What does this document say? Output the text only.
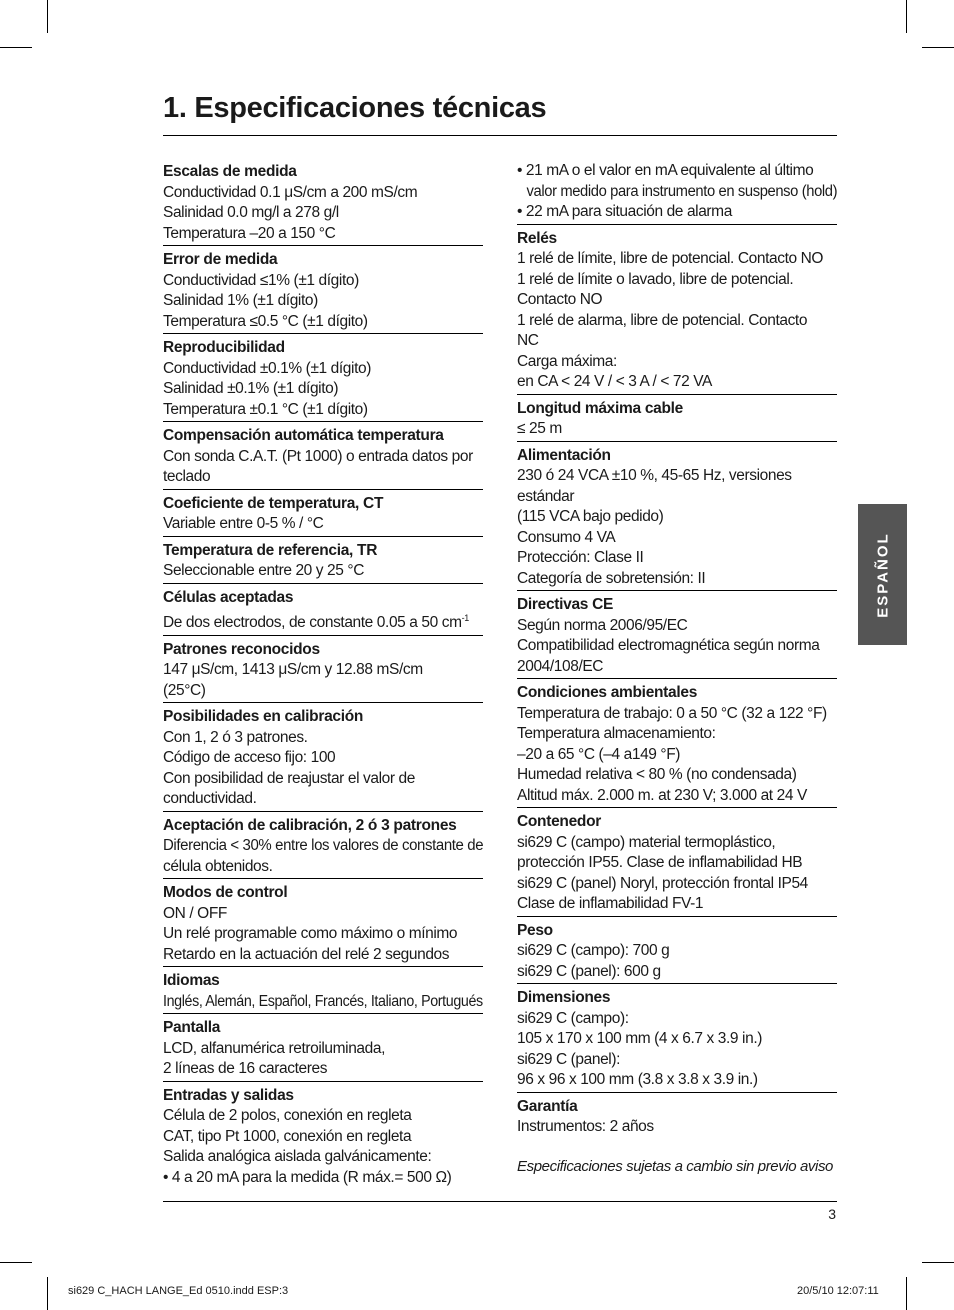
1. Especificaciones técnicas
Escalas de medida
Conductividad 0.1 μS/cm a 200 mS/cm
Salinidad 0.0 mg/l a 278 g/l
Temperatura –20 a 150 °C
Error de medida
Conductividad ≤1% (±1 dígito)
Salinidad 1% (±1 dígito)
Temperatura ≤0.5 °C (±1 dígito)
Reproducibilidad
Conductividad ±0.1% (±1 dígito)
Salinidad ±0.1% (±1 dígito)
Temperatura ±0.1 °C (±1 dígito)
Compensación automática temperatura
Con sonda C.A.T. (Pt 1000) o entrada datos por
teclado
Coeficiente de temperatura, CT
Variable entre 0-5 % / °C
Temperatura de referencia, TR
Seleccionable entre 20 y 25 °C
Células aceptadas
De dos electrodos, de constante 0.05 a 50 $cm^{-1}$
Patrones reconocidos
147 μS/cm, 1413 μS/cm y 12.88 mS/cm
(25°C)
Posibilidades en calibración
Con 1, 2 ó 3 patrones.
Código de acceso fijo: 100
Con posibilidad de reajustar el valor de
conductividad.
Aceptación de calibración, 2 ó 3 patrones
Diferencia < 30% entre los valores de constante de
célula obtenidos.
Modos de control
ON / OFF
Un relé programable como máximo o mínimo
Retardo en la actuación del relé 2 segundos
Idiomas
Inglés, Alemán, Español, Francés, Italiano, Portugués
Pantalla
LCD, alfanumérica retroiluminada,
2 líneas de 16 caracteres
Entradas y salidas
Célula de 2 polos, conexión en regleta
CAT, tipo Pt 1000, conexión en regleta
Salida analógica aislada galvánicamente:
• 4 a 20 mA para la medida (R máx.= 500 Ω)
• 21 mA o el valor en mA equivalente al último
valor medido para instrumento en suspenso (hold)
• 22 mA para situación de alarma
Relés
1 relé de límite, libre de potencial. Contacto NO
1 relé de límite o lavado, libre de potencial.
Contacto NO
1 relé de alarma, libre de potencial. Contacto
NC
Carga máxima:
en CA < 24 V / < 3 A / < 72 VA
Longitud máxima cable
≤ 25 m
Alimentación
230 ó 24 VCA ±10 %, 45-65 Hz, versiones
estándar
(115 VCA bajo pedido)
Consumo 4 VA
Protección: Clase II
Categoría de sobretensión: II
Directivas CE
Según norma 2006/95/EC
Compatibilidad electromagnética según norma
2004/108/EC
Condiciones ambientales
Temperatura de trabajo: 0 a 50 °C (32 a 122 °F)
Temperatura almacenamiento:
–20 a 65 °C (–4 a149 °F)
Humedad relativa < 80 % (no condensada)
Altitud máx. 2.000 m. at 230 V; 3.000 at 24 V
Contenedor
si629 C (campo) material termoplástico,
protección IP55. Clase de inflamabilidad HB
si629 C (panel) Noryl, protección frontal IP54
Clase de inflamabilidad FV-1
Peso
si629 C (campo): 700 g
si629 C (panel): 600 g
Dimensiones
si629 C (campo):
105 x 170 x 100 mm (4 x 6.7 x 3.9 in.)
si629 C (panel):
96 x 96 x 100 mm (3.8 x 3.8 x 3.9 in.)
Garantía
Instrumentos: 2 años
Especificaciones sujetas a cambio sin previo aviso
ESPAÑOL
3
si629 C_HACH LANGE_Ed 0510.indd ESP:3	20/5/10 12:07:11
